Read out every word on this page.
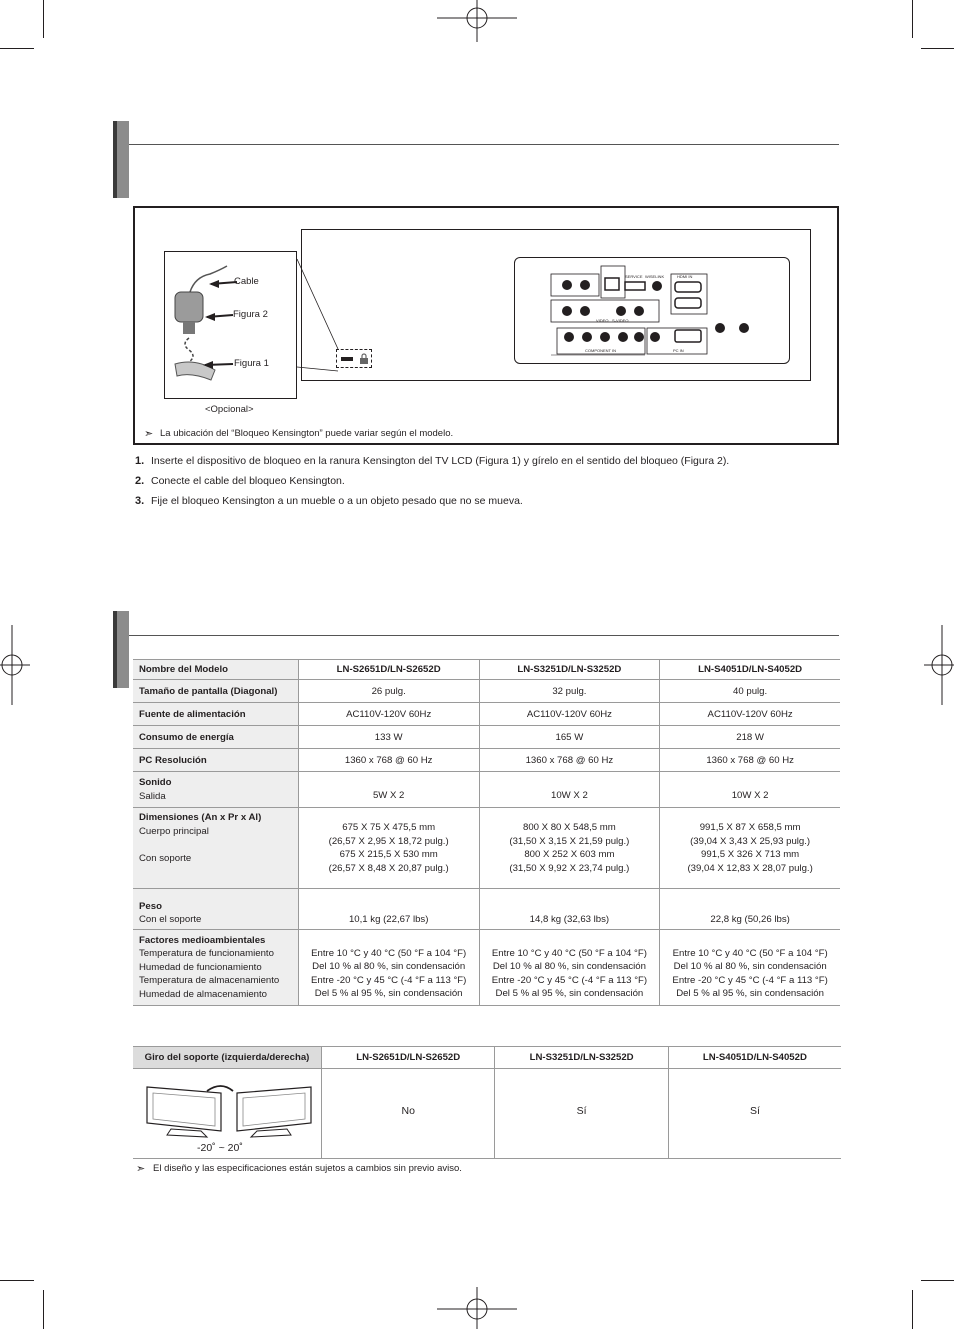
Cable
Figura 2
Figura 1
<Opcional>
SERVICE WISELINK	HDMI IN
VIDEO S-VIDEO
COMPONENT IN	PC IN
➣ La ubicación del “Bloqueo Kensington” puede variar según el modelo.
1. Inserte el dispositivo de bloqueo en la ranura Kensington del TV LCD (Figura 1) y gírelo en el sentido del bloqueo (Figura 2).
2. Conecte el cable del bloqueo Kensington.
3. Fije el bloqueo Kensington a un mueble o a un objeto pesado que no se mueva.
Nombre del Modelo	LN-S2651D/LN-S2652D	LN-S3251D/LN-S3252D	LN-S4051D/LN-S4052D
Tamaño de pantalla (Diagonal)	26 pulg.	32 pulg.	40 pulg.
Fuente de alimentación	AC110V-120V 60Hz	AC110V-120V 60Hz	AC110V-120V 60Hz
Consumo de energía	133 W	165 W	218 W
PC Resolución	1360 x 768 @ 60 Hz	1360 x 768 @ 60 Hz	1360 x 768 @ 60 Hz

Sonido
Salida	5W X 2	10W X 2	10W X 2

Dimensiones (An x Pr x Al)
Cuerpo principal

Con soporte	675 X 75 X 475,5 mm
(26,57 X 2,95 X 18,72 pulg.)
675 X 215,5 X 530 mm
(26,57 X 8,48 X 20,87 pulg.)	800 X 80 X 548,5 mm
(31,50 X 3,15 X 21,59 pulg.)
800 X 252 X 603 mm
(31,50 X 9,92 X 23,74 pulg.)	991,5 X 87 X 658,5 mm
(39,04 X 3,43 X 25,93 pulg.)
991,5 X 326 X 713 mm
(39,04 X 12,83 X 28,07 pulg.)

Peso
Con el soporte	10,1 kg (22,67 lbs)	14,8 kg (32,63 lbs)	22,8 kg (50,26 lbs)

Factores medioambientales
Temperatura de funcionamiento
Humedad de funcionamiento
Temperatura de almacenamiento
Humedad de almacenamiento	Entre 10 °C y 40 °C (50 °F a 104 °F)
Del 10 % al 80 %, sin condensación
Entre -20 °C y 45 °C (-4 °F a 113 °F)
Del 5 % al 95 %, sin condensación	Entre 10 °C y 40 °C (50 °F a 104 °F)
Del 10 % al 80 %, sin condensación
Entre -20 °C y 45 °C (-4 °F a 113 °F)
Del 5 % al 95 %, sin condensación	Entre 10 °C y 40 °C (50 °F a 104 °F)
Del 10 % al 80 %, sin condensación
Entre -20 °C y 45 °C (-4 °F a 113 °F)
Del 5 % al 95 %, sin condensación
Giro del soporte (izquierda/derecha)	LN-S2651D/LN-S2652D	LN-S3251D/LN-S3252D	LN-S4051D/LN-S4052D

-20˚ ~ 20˚	No	Sí	Sí
➣ El diseño y las especificaciones están sujetos a cambios sin previo aviso.
